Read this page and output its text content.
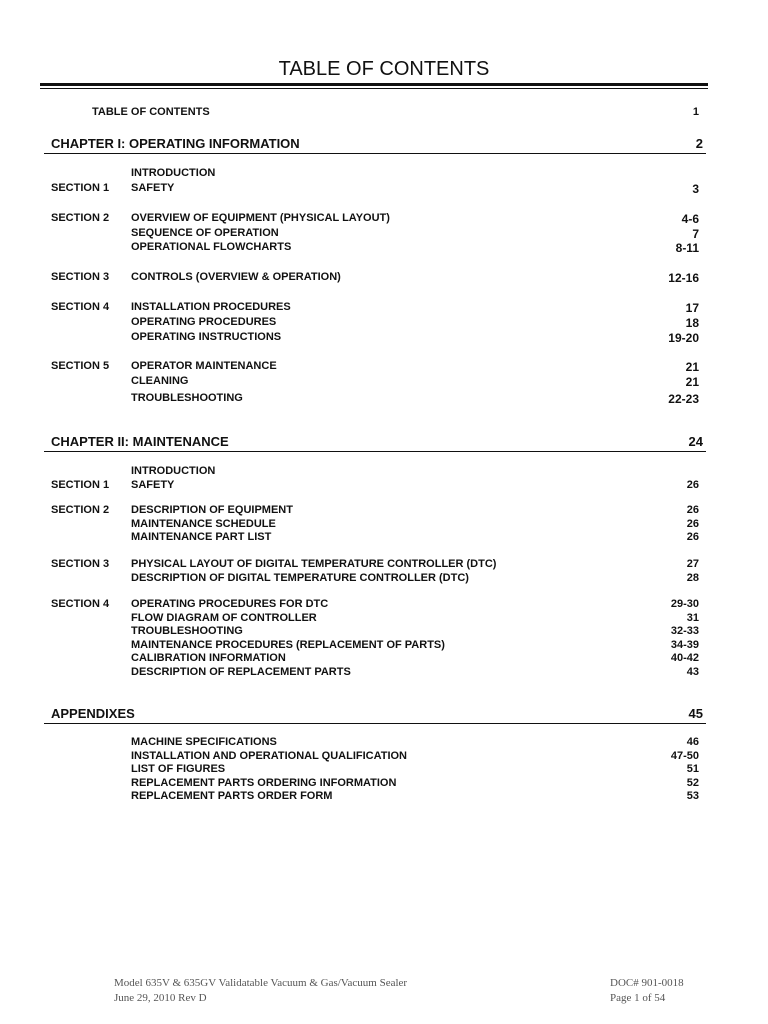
TABLE OF CONTENTS
TABLE OF CONTENTS	1
CHAPTER I: OPERATING INFORMATION	2
INTRODUCTION
SECTION 1 SAFETY	3
SECTION 2 OVERVIEW OF EQUIPMENT (PHYSICAL LAYOUT)	4-6
SEQUENCE OF OPERATION	7
OPERATIONAL FLOWCHARTS	8-11
SECTION 3 CONTROLS (OVERVIEW & OPERATION)	12-16
SECTION 4 INSTALLATION PROCEDURES	17
OPERATING PROCEDURES	18
OPERATING INSTRUCTIONS	19-20
SECTION 5 OPERATOR MAINTENANCE	21
CLEANING	21
TROUBLESHOOTING	22-23
CHAPTER II: MAINTENANCE	24
INTRODUCTION
SECTION 1 SAFETY	26
SECTION 2 DESCRIPTION OF EQUIPMENT	26
MAINTENANCE SCHEDULE	26
MAINTENANCE PART LIST	26
SECTION 3 PHYSICAL LAYOUT OF DIGITAL TEMPERATURE CONTROLLER (DTC)	27
DESCRIPTION OF DIGITAL TEMPERATURE CONTROLLER (DTC)	28
SECTION 4 OPERATING PROCEDURES FOR DTC	29-30
FLOW DIAGRAM OF CONTROLLER	31
TROUBLESHOOTING	32-33
MAINTENANCE PROCEDURES (REPLACEMENT OF PARTS)	34-39
CALIBRATION INFORMATION	40-42
DESCRIPTION OF REPLACEMENT PARTS	43
APPENDIXES	45
MACHINE SPECIFICATIONS	46
INSTALLATION AND OPERATIONAL QUALIFICATION	47-50
LIST OF FIGURES	51
REPLACEMENT PARTS ORDERING INFORMATION	52
REPLACEMENT PARTS ORDER FORM	53
Model 635V & 635GV Validatable Vacuum & Gas/Vacuum Sealer
June 29, 2010 Rev D
DOC# 901-0018
Page 1 of 54
